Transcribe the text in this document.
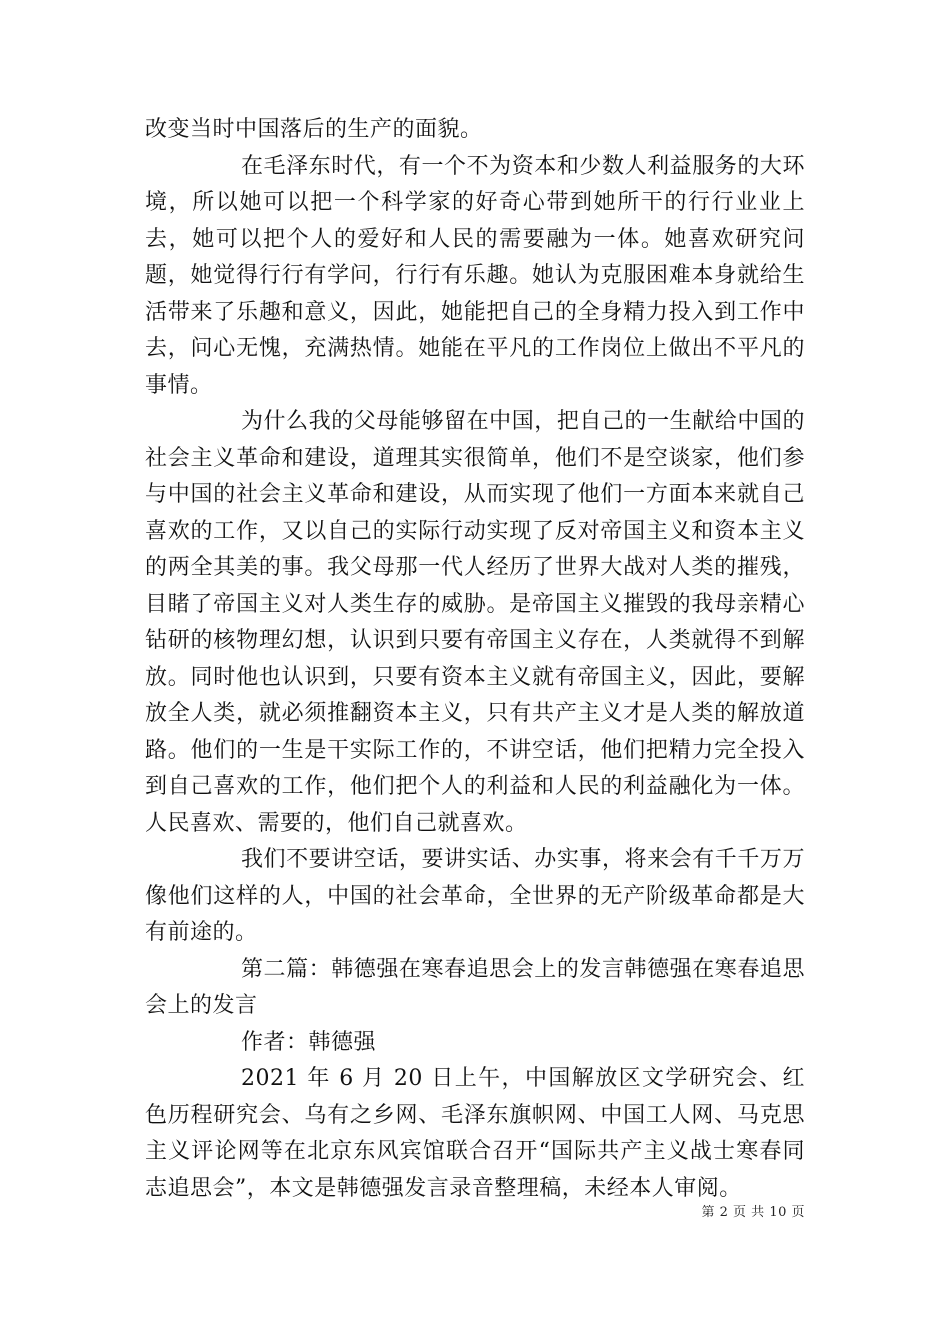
改变当时中国落后的生产的面貌。

在毛泽东时代，有一个不为资本和少数人利益服务的大环境，所以她可以把一个科学家的好奇心带到她所干的行行业业上去，她可以把个人的爱好和人民的需要融为一体。她喜欢研究问题，她觉得行行有学问，行行有乐趣。她认为克服困难本身就给生活带来了乐趣和意义，因此，她能把自己的全身精力投入到工作中去，问心无愧，充满热情。她能在平凡的工作岗位上做出不平凡的事情。

为什么我的父母能够留在中国，把自己的一生献给中国的社会主义革命和建设，道理其实很简单，他们不是空谈家，他们参与中国的社会主义革命和建设，从而实现了他们一方面本来就自己喜欢的工作，又以自己的实际行动实现了反对帝国主义和资本主义的两全其美的事。我父母那一代人经历了世界大战对人类的摧残，目睹了帝国主义对人类生存的威胁。是帝国主义摧毁的我母亲精心钻研的核物理幻想，认识到只要有帝国主义存在，人类就得不到解放。同时他也认识到，只要有资本主义就有帝国主义，因此，要解放全人类，就必须推翻资本主义，只有共产主义才是人类的解放道路。他们的一生是干实际工作的，不讲空话，他们把精力完全投入到自己喜欢的工作，他们把个人的利益和人民的利益融化为一体。人民喜欢、需要的，他们自己就喜欢。

我们不要讲空话，要讲实话、办实事，将来会有千千万万像他们这样的人，中国的社会革命，全世界的无产阶级革命都是大有前途的。

第二篇：韩德强在寒春追思会上的发言韩德强在寒春追思会上的发言

作者：韩德强

2021 年 6 月 20 日上午，中国解放区文学研究会、红色历程研究会、乌有之乡网、毛泽东旗帜网、中国工人网、马克思主义评论网等在北京东风宾馆联合召开“国际共产主义战士寒春同志追思会”，本文是韩德强发言录音整理稿，未经本人审阅。

第 2 页 共 10 页
